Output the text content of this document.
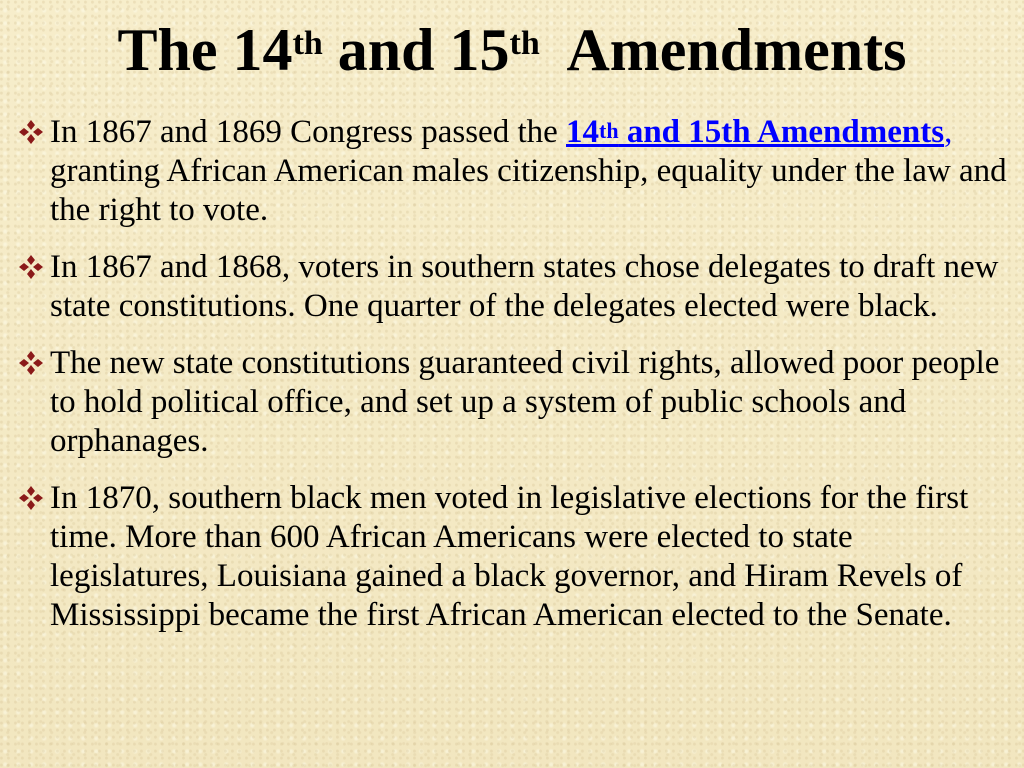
The 14th and 15th  Amendments
In 1867 and 1869 Congress passed the 14th and 15th Amendments, granting African American males citizenship, equality under the law and the right to vote.
In 1867 and 1868, voters in southern states chose delegates to draft new state constitutions. One quarter of the delegates elected were black.
The new state constitutions guaranteed civil rights, allowed poor people to hold political office, and set up a system of public schools and orphanages.
In 1870, southern black men voted in legislative elections for the first time. More than 600 African Americans were elected to state legislatures, Louisiana gained a black governor, and Hiram Revels of Mississippi became the first African American elected to the Senate.
